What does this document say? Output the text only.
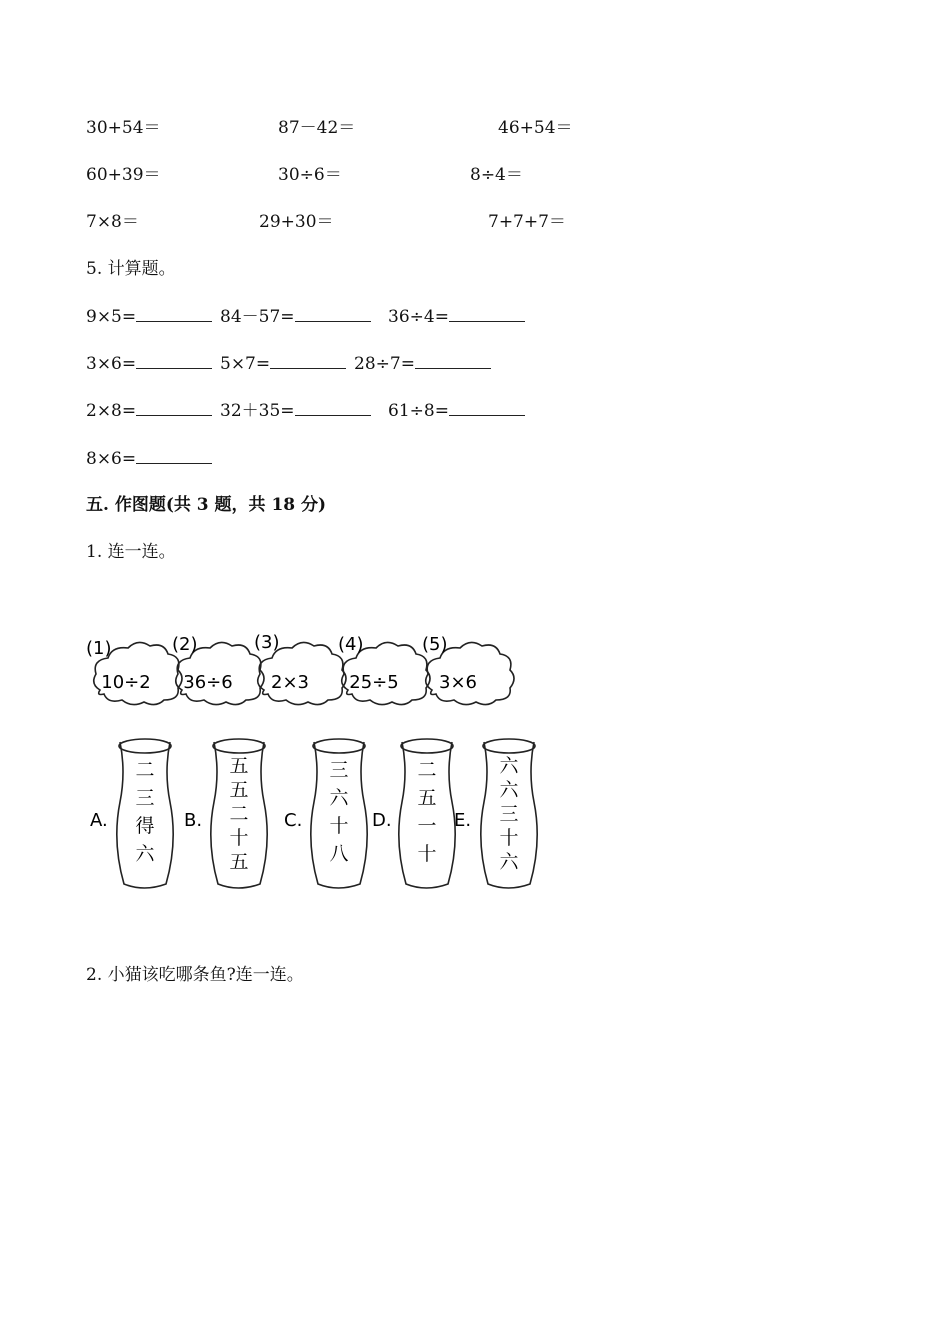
30+54＝	87－42＝	46+54＝
60+39＝	30÷6＝	8÷4＝
7×8＝	29+30＝	7+7+7＝
5. 计算题。
9×5=	84－57=	36÷4=
3×6=	5×7=	28÷7=
2×8=	32＋35=	61÷8=
8×6=
五. 作图题(共 3 题，共 18 分)
1. 连一连。
(1)
10÷2
(2)
36÷6
(3)
2×3
(4)
25÷5
(5)
3×6
A.
二
三
得
六
B.
五
五
二
十
五
C.
三
六
十
八
D.
二
五
一
十
E.
六
六
三
十
六
2. 小猫该吃哪条鱼?连一连。
